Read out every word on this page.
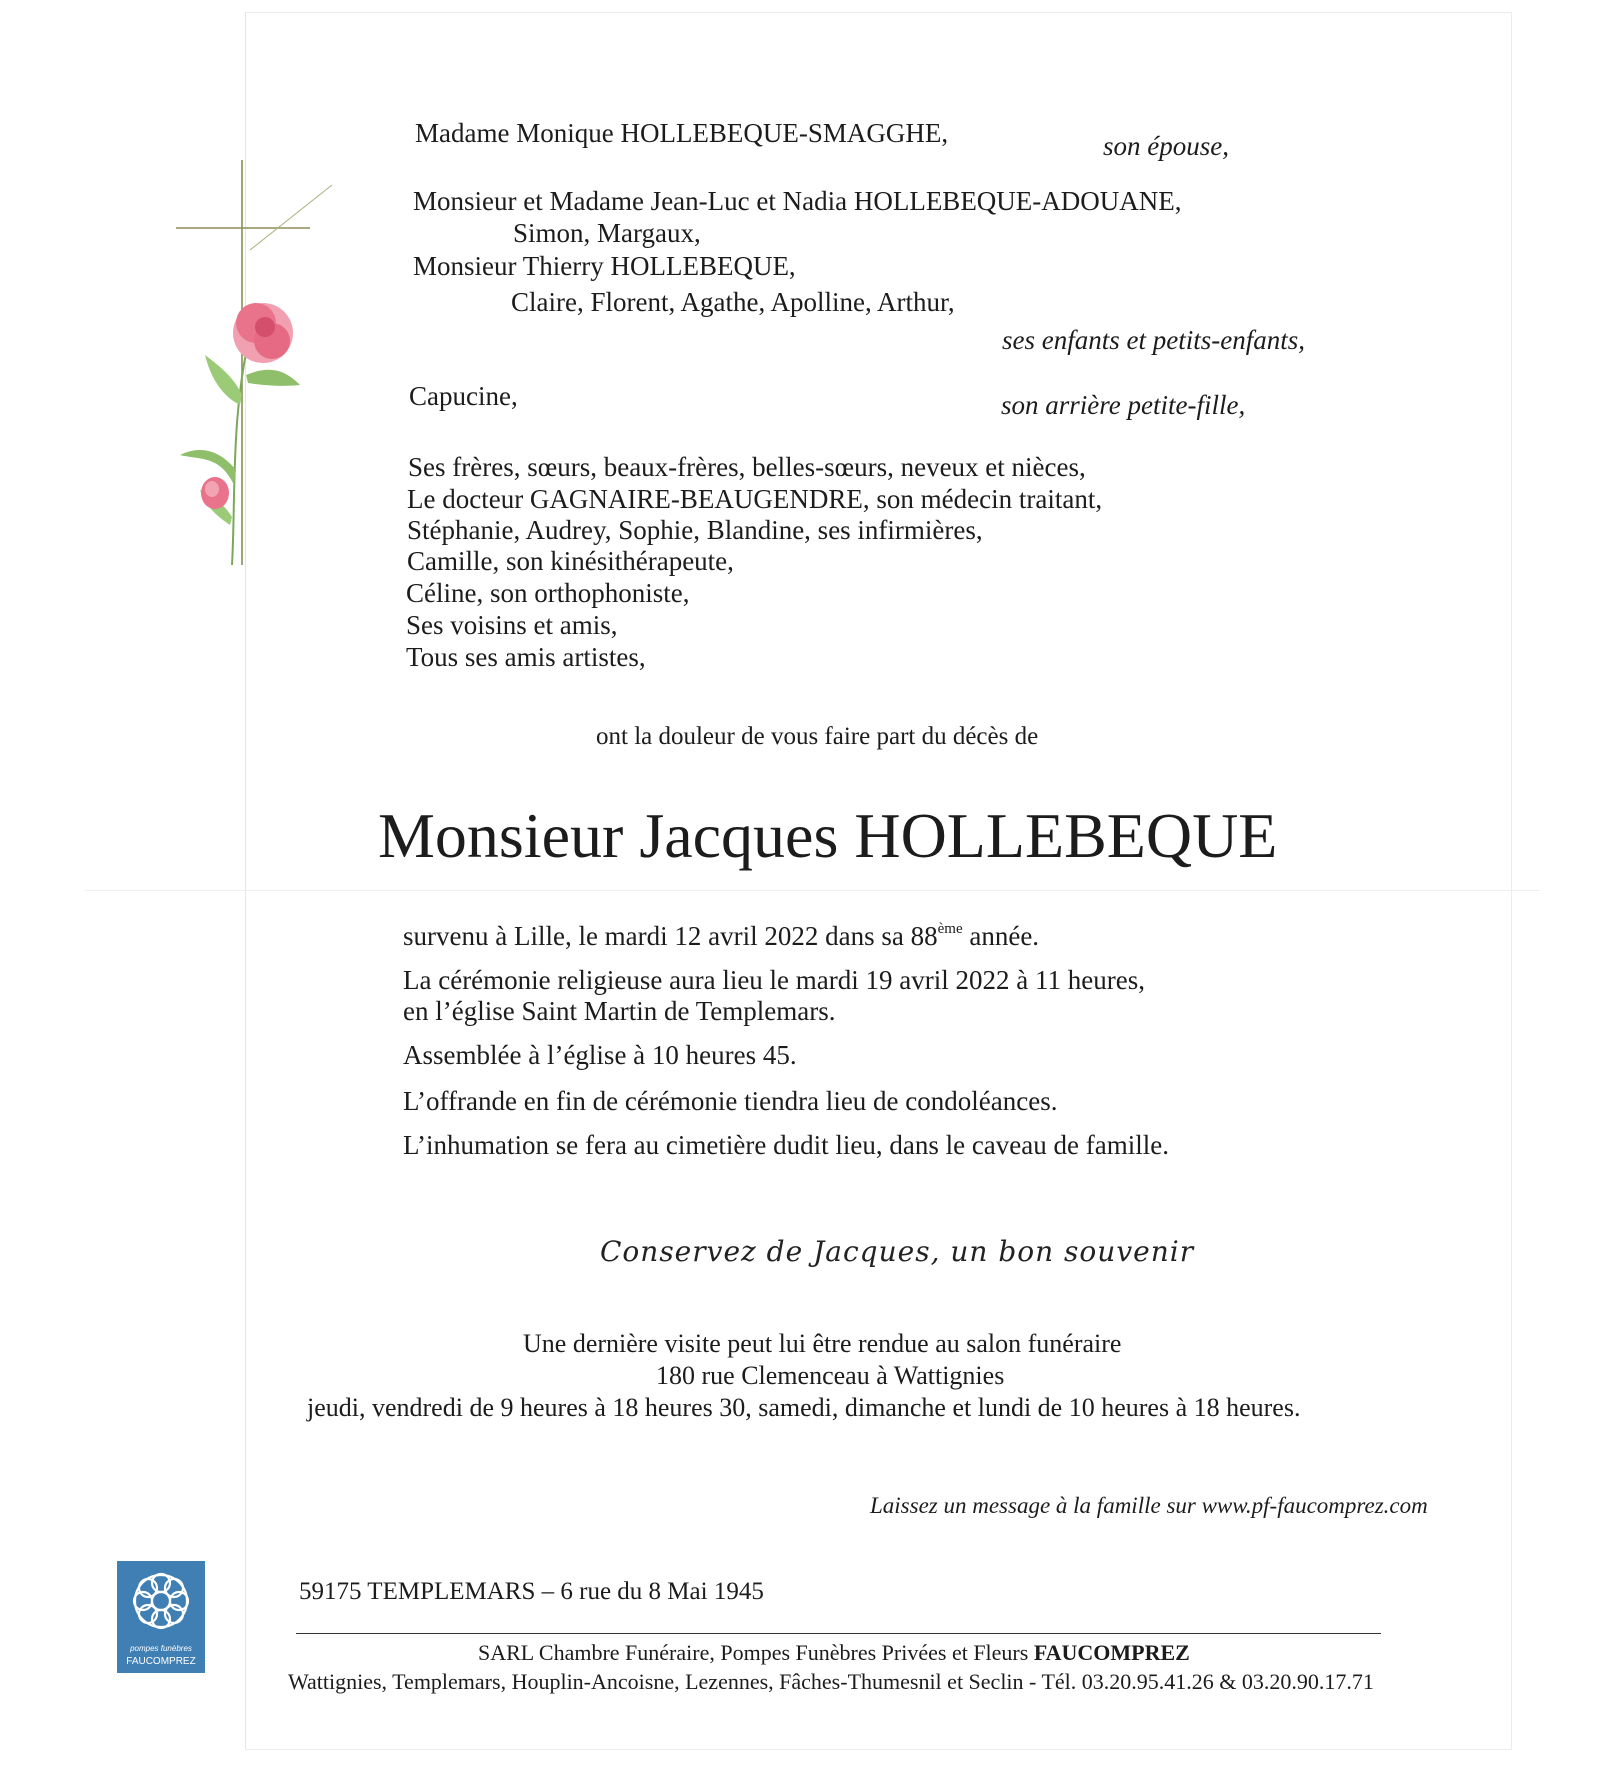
Madame Monique HOLLEBEQUE-SMAGGHE,	son épouse,
Monsieur et Madame Jean-Luc et Nadia HOLLEBEQUE-ADOUANE,
Simon, Margaux,
Monsieur Thierry HOLLEBEQUE,
Claire, Florent, Agathe, Apolline, Arthur,
ses enfants et petits-enfants,
Capucine,	son arrière petite-fille,
Ses frères, sœurs, beaux-frères, belles-sœurs, neveux et nièces,
Le docteur GAGNAIRE-BEAUGENDRE, son médecin traitant,
Stéphanie, Audrey, Sophie, Blandine, ses infirmières,
Camille, son kinésithérapeute,
Céline, son orthophoniste,
Ses voisins et amis,
Tous ses amis artistes,
ont la douleur de vous faire part du décès de
Monsieur Jacques HOLLEBEQUE
survenu à Lille, le mardi 12 avril 2022 dans sa 88ème année.
La cérémonie religieuse aura lieu le mardi 19 avril 2022 à 11 heures,
en l’église Saint Martin de Templemars.
Assemblée à l’église à 10 heures 45.
L’offrande en fin de cérémonie tiendra lieu de condoléances.
L’inhumation se fera au cimetière dudit lieu, dans le caveau de famille.
Conservez de Jacques, un bon souvenir
Une dernière visite peut lui être rendue au salon funéraire
180 rue Clemenceau à Wattignies
jeudi, vendredi de 9 heures à 18 heures 30, samedi, dimanche et lundi de 10 heures à 18 heures.
Laissez un message à la famille sur www.pf-faucomprez.com
pompes funèbres
FAUCOMPREZ
59175 TEMPLEMARS – 6 rue du 8 Mai 1945
SARL Chambre Funéraire, Pompes Funèbres Privées et Fleurs FAUCOMPREZ
Wattignies, Templemars, Houplin-Ancoisne, Lezennes, Fâches-Thumesnil et Seclin - Tél. 03.20.95.41.26 & 03.20.90.17.71
